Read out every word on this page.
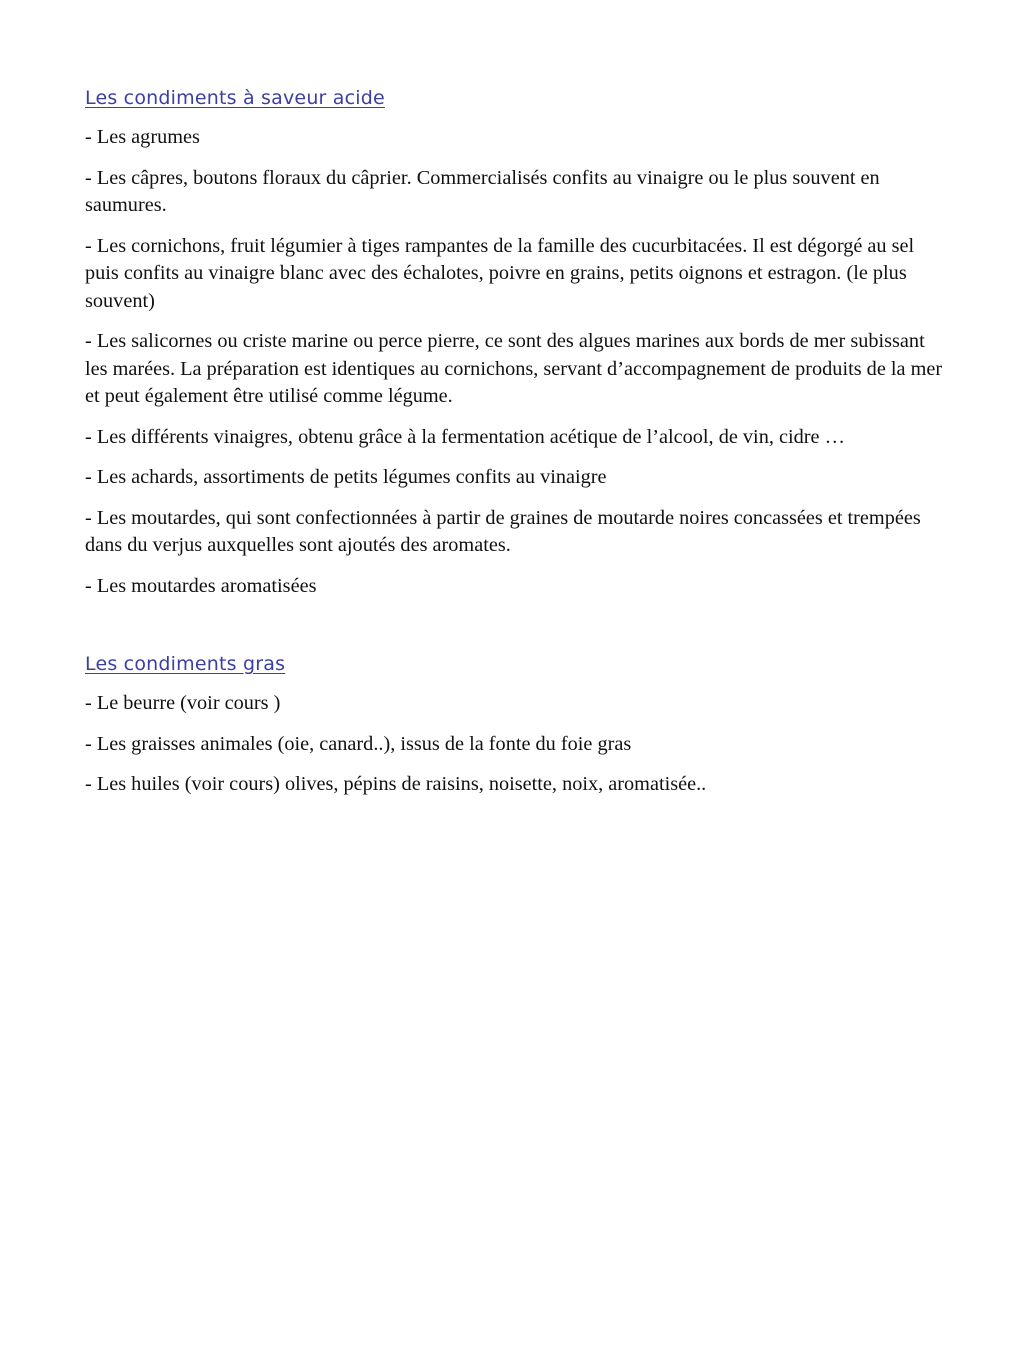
Les condiments à saveur acide

- Les agrumes

- Les câpres, boutons floraux du câprier. Commercialisés confits au vinaigre ou le plus souvent en saumures.

- Les cornichons, fruit légumier à tiges rampantes de la famille des cucurbitacées. Il est dégorgé au sel puis confits au vinaigre blanc avec des échalotes, poivre en grains, petits oignons et estragon. (le plus souvent)

- Les salicornes ou criste marine ou perce pierre, ce sont des algues marines aux bords de mer subissant les marées. La préparation est identiques au cornichons, servant d’accompagnement de produits de la mer et peut également être utilisé comme légume.

- Les différents vinaigres, obtenu grâce à la fermentation acétique de l’alcool, de vin, cidre …

- Les achards, assortiments de petits légumes confits au vinaigre

- Les moutardes, qui sont confectionnées à partir de graines de moutarde noires concassées et trempées dans du verjus auxquelles sont ajoutés des aromates.

- Les moutardes aromatisées

Les condiments gras

- Le beurre (voir cours )

- Les graisses animales (oie, canard..), issus de la fonte du foie gras

- Les huiles (voir cours) olives, pépins de raisins, noisette, noix, aromatisée..
